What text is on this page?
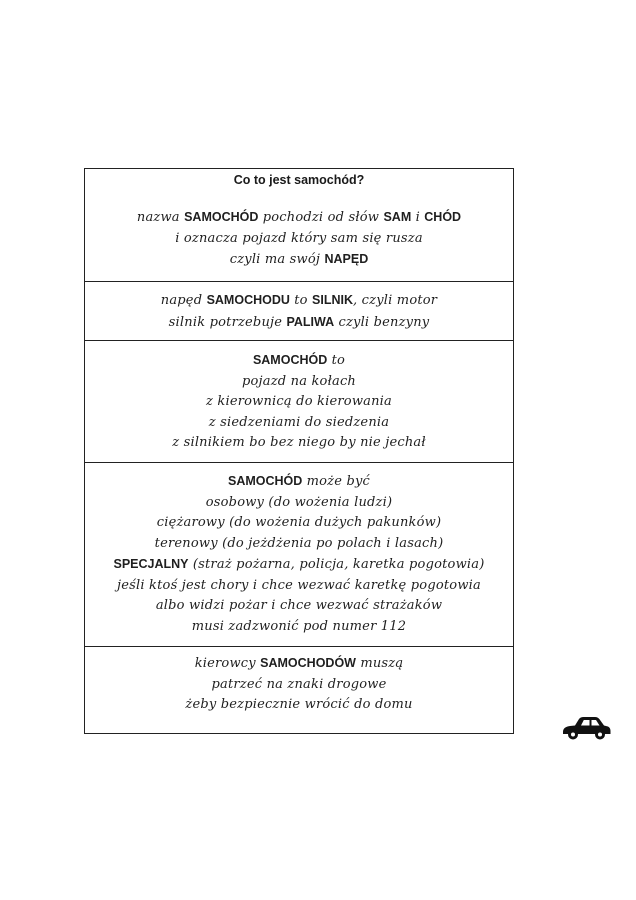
Co to jest samochód?
nazwa SAMOCHÓD pochodzi od słów SAM i CHÓD
i oznacza pojazd który sam się rusza
czyli ma swój NAPĘD
napęd SAMOCHODU to SILNIK, czyli motor
silnik potrzebuje PALIWA czyli benzyny
SAMOCHÓD to
pojazd na kołach
z kierownicą do kierowania
z siedzeniami do siedzenia
z silnikiem bo bez niego by nie jechał
SAMOCHÓD może być
osobowy (do wożenia ludzi)
ciężarowy (do wożenia dużych pakunków)
terenowy (do jeżdżenia po polach i lasach)
SPECJALNY (straż pożarna, policja, karetka pogotowia)
jeśli ktoś jest chory i chce wezwać karetkę pogotowia
albo widzi pożar i chce wezwać strażaków
musi zadzwonić pod numer 112
kierowcy SAMOCHODÓW muszą
patrzeć na znaki drogowe
żeby bezpiecznie wrócić do domu
